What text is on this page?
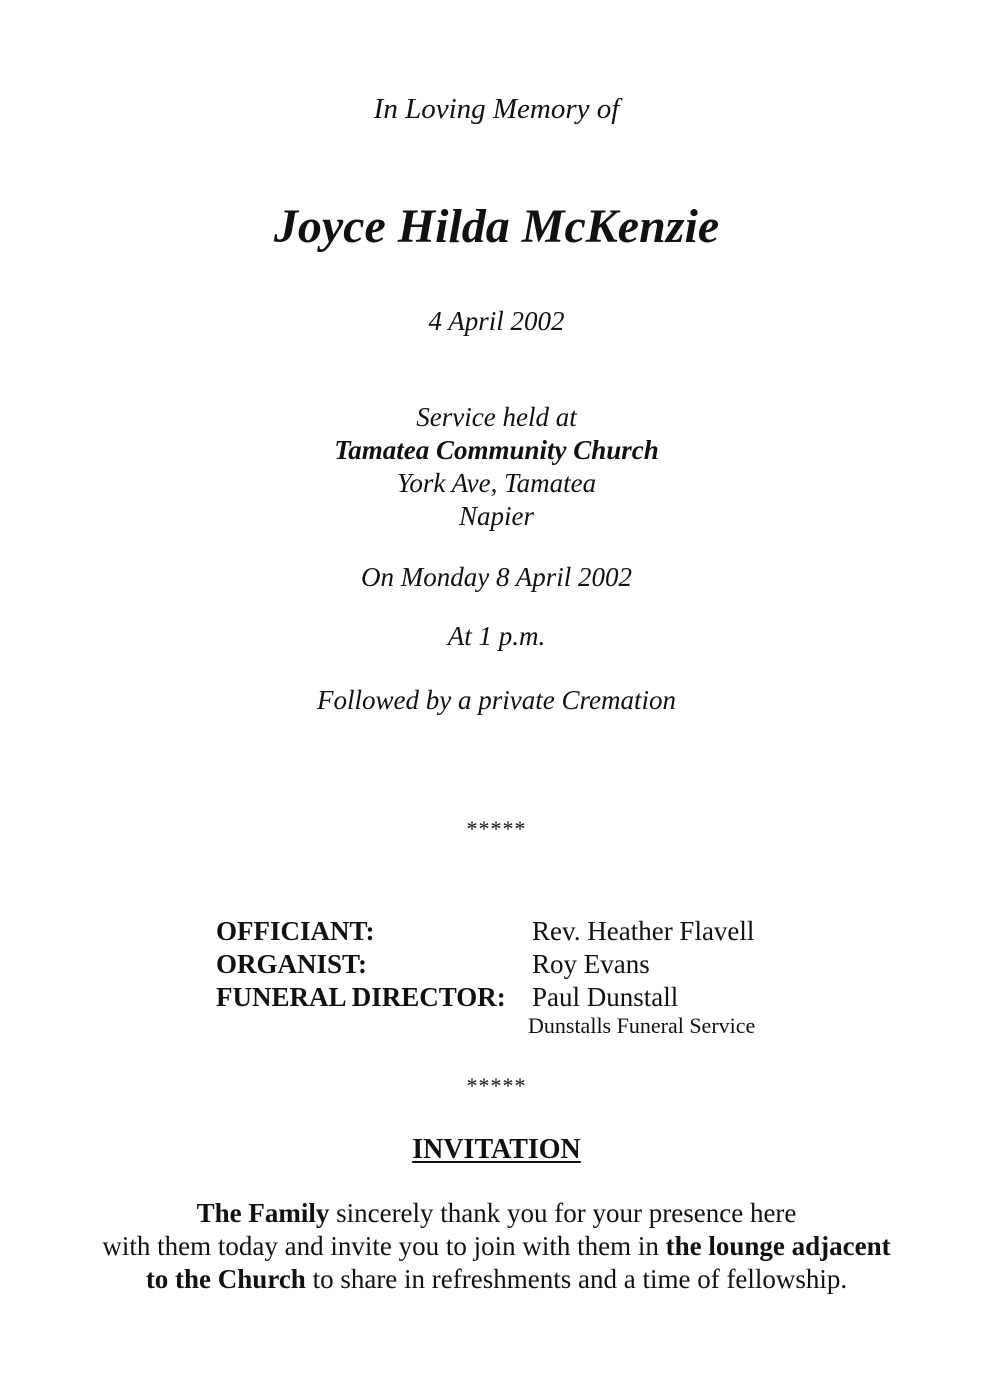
In Loving Memory of
Joyce Hilda McKenzie
4 April 2002
Service held at
Tamatea Community Church
York Ave, Tamatea
Napier
On Monday 8 April 2002
At 1 p.m.
Followed by a private Cremation
*****
OFFICIANT:	Rev. Heather Flavell
ORGANIST:	Roy Evans
FUNERAL DIRECTOR: Paul Dunstall
Dunstalls Funeral Service
*****
INVITATION
The Family sincerely thank you for your presence here
with them today and invite you to join with them in the lounge adjacent
to the Church to share in refreshments and a time of fellowship.
